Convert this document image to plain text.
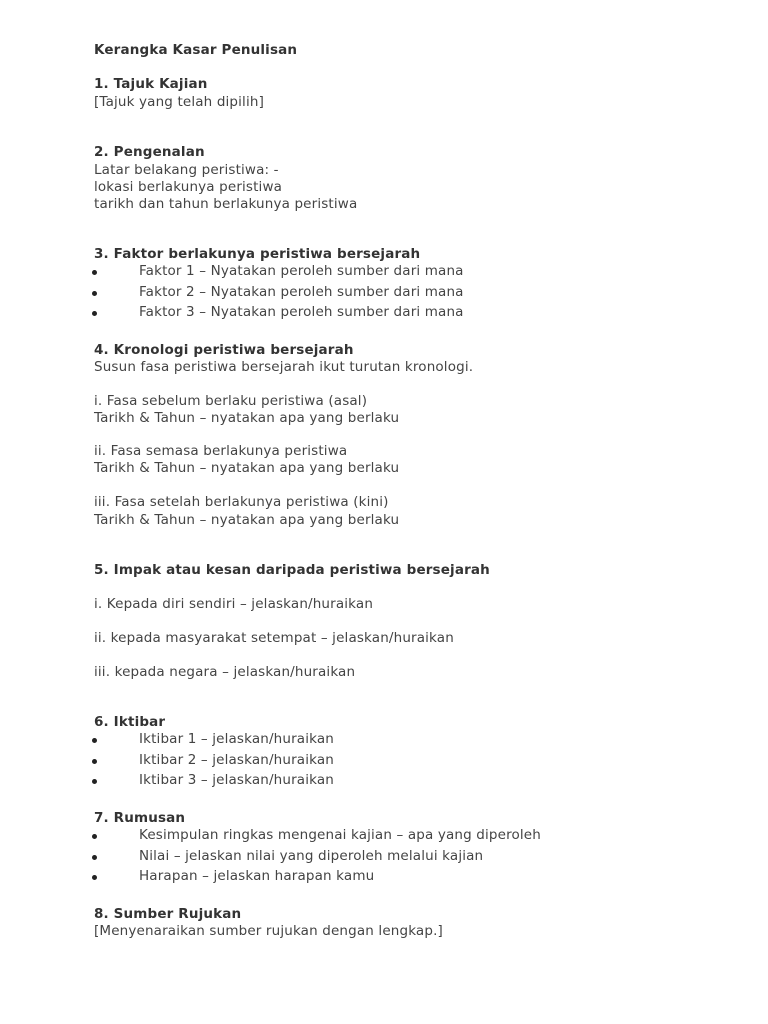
Kerangka Kasar Penulisan
1. Tajuk Kajian
[Tajuk yang telah dipilih]
2. Pengenalan
Latar belakang peristiwa: -
lokasi berlakunya peristiwa
tarikh dan tahun berlakunya peristiwa
3. Faktor berlakunya peristiwa bersejarah
Faktor 1 – Nyatakan peroleh sumber dari mana
Faktor 2 – Nyatakan peroleh sumber dari mana
Faktor 3 – Nyatakan peroleh sumber dari mana
4. Kronologi peristiwa bersejarah
Susun fasa peristiwa bersejarah ikut turutan kronologi.
i. Fasa sebelum berlaku peristiwa (asal)
Tarikh & Tahun – nyatakan apa yang berlaku
ii. Fasa semasa berlakunya peristiwa
Tarikh & Tahun – nyatakan apa yang berlaku
iii. Fasa setelah berlakunya peristiwa (kini)
Tarikh & Tahun – nyatakan apa yang berlaku
5. Impak atau kesan daripada peristiwa bersejarah
i. Kepada diri sendiri – jelaskan/huraikan
ii. kepada masyarakat setempat – jelaskan/huraikan
iii. kepada negara – jelaskan/huraikan
6. Iktibar
Iktibar 1 – jelaskan/huraikan
Iktibar 2 – jelaskan/huraikan
Iktibar 3 – jelaskan/huraikan
7. Rumusan
Kesimpulan ringkas mengenai kajian – apa yang diperoleh
Nilai – jelaskan nilai yang diperoleh melalui kajian
Harapan – jelaskan harapan kamu
8. Sumber Rujukan
[Menyenaraikan sumber rujukan dengan lengkap.]
